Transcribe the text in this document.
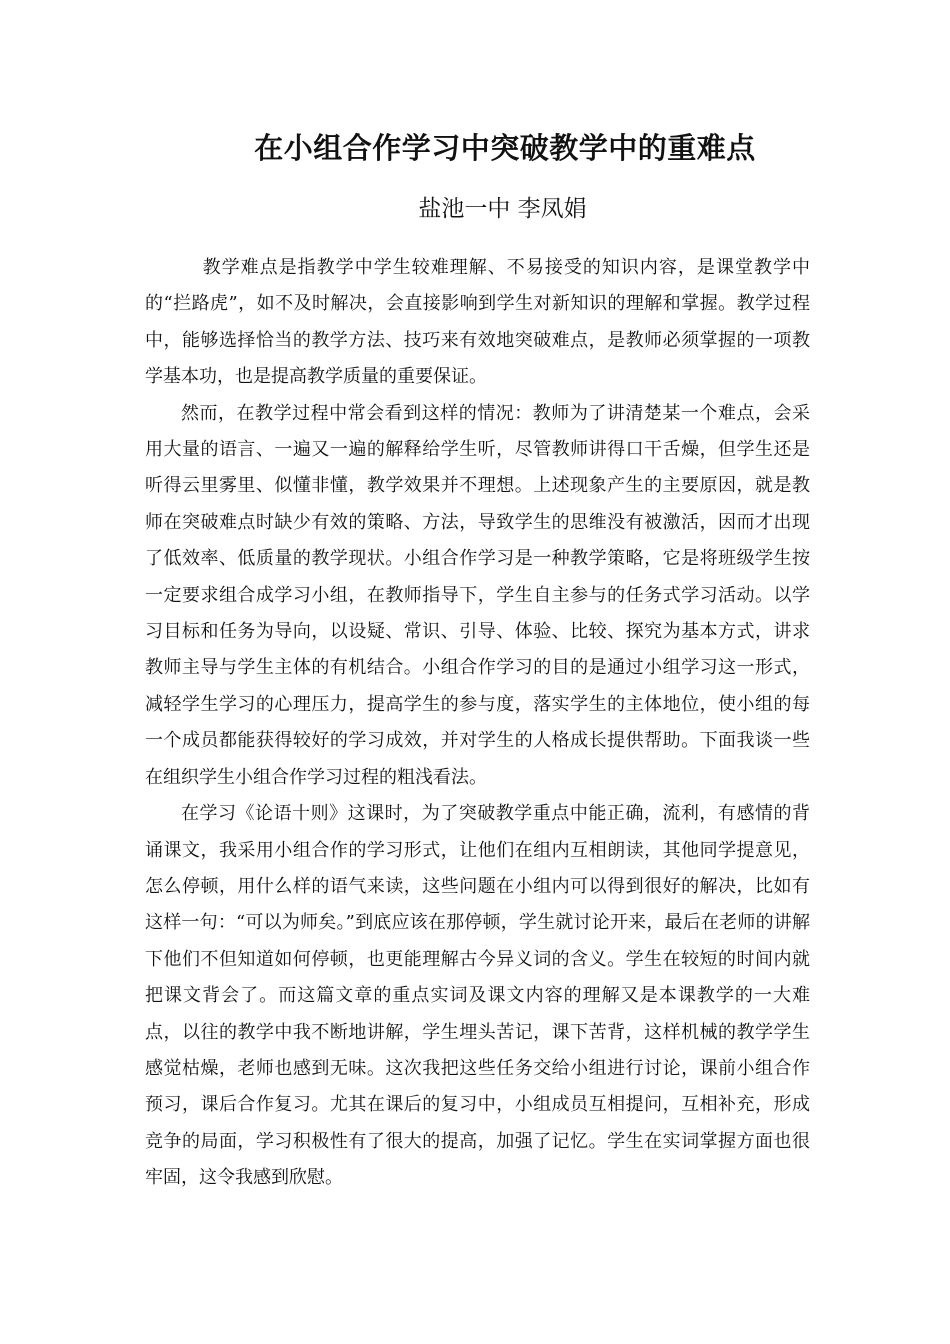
在小组合作学习中突破教学中的重难点
盐池一中 李凤娟

教学难点是指教学中学生较难理解、不易接受的知识内容，是课堂教学中的“拦路虎”，如不及时解决，会直接影响到学生对新知识的理解和掌握。教学过程中，能够选择恰当的教学方法、技巧来有效地突破难点，是教师必须掌握的一项教学基本功，也是提高教学质量的重要保证。

然而，在教学过程中常会看到这样的情况：教师为了讲清楚某一个难点，会采用大量的语言、一遍又一遍的解释给学生听，尽管教师讲得口干舌燥，但学生还是听得云里雾里、似懂非懂，教学效果并不理想。上述现象产生的主要原因，就是教师在突破难点时缺少有效的策略、方法，导致学生的思维没有被激活，因而才出现了低效率、低质量的教学现状。小组合作学习是一种教学策略，它是将班级学生按一定要求组合成学习小组，在教师指导下，学生自主参与的任务式学习活动。以学习目标和任务为导向，以设疑、常识、引导、体验、比较、探究为基本方式，讲求教师主导与学生主体的有机结合。小组合作学习的目的是通过小组学习这一形式，减轻学生学习的心理压力，提高学生的参与度，落实学生的主体地位，使小组的每一个成员都能获得较好的学习成效，并对学生的人格成长提供帮助。下面我谈一些在组织学生小组合作学习过程的粗浅看法。

在学习《论语十则》这课时，为了突破教学重点中能正确，流利，有感情的背诵课文，我采用小组合作的学习形式，让他们在组内互相朗读，其他同学提意见，怎么停顿，用什么样的语气来读，这些问题在小组内可以得到很好的解决，比如有这样一句：“可以为师矣。”到底应该在那停顿，学生就讨论开来，最后在老师的讲解下他们不但知道如何停顿，也更能理解古今异义词的含义。学生在较短的时间内就把课文背会了。而这篇文章的重点实词及课文内容的理解又是本课教学的一大难点，以往的教学中我不断地讲解，学生埋头苦记，课下苦背，这样机械的教学学生感觉枯燥，老师也感到无味。这次我把这些任务交给小组进行讨论，课前小组合作预习，课后合作复习。尤其在课后的复习中，小组成员互相提问，互相补充，形成竞争的局面，学习积极性有了很大的提高，加强了记忆。学生在实词掌握方面也很牢固，这令我感到欣慰。
